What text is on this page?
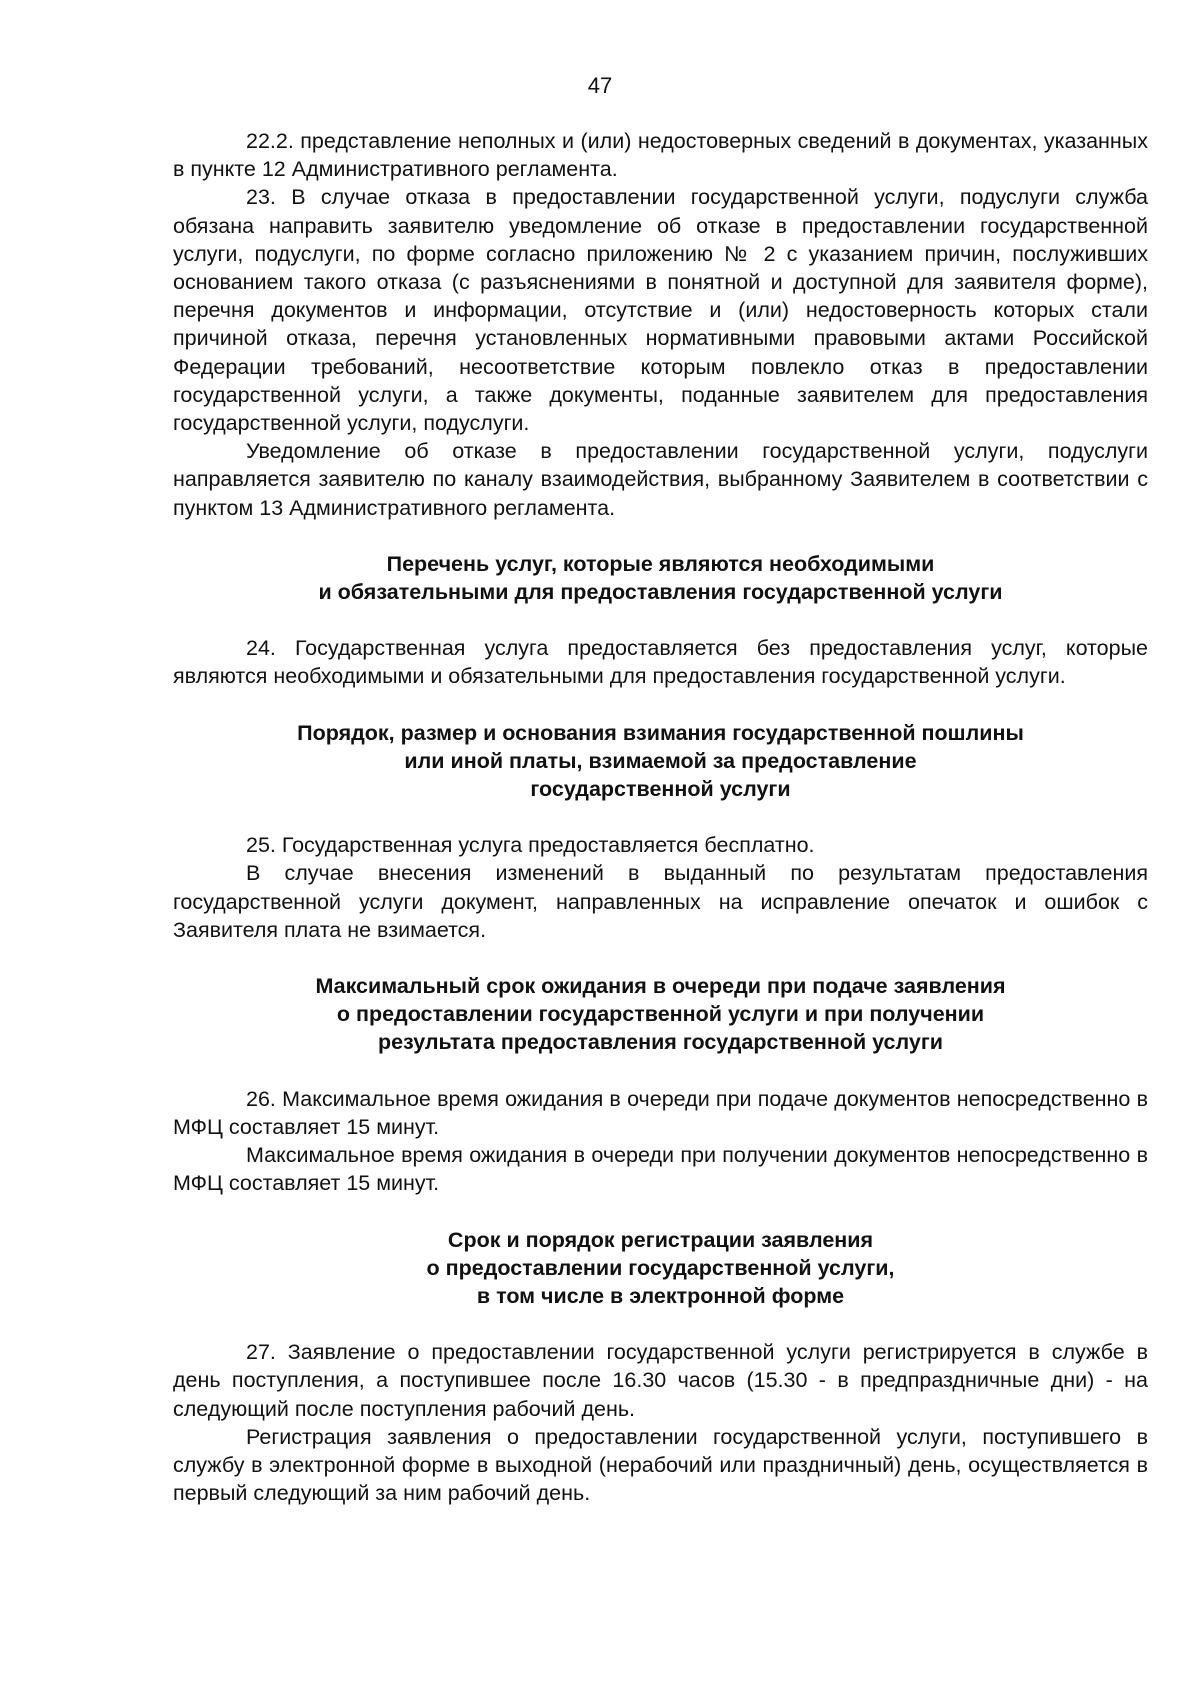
47

22.2. представление неполных и (или) недостоверных сведений в документах, указанных в пункте 12 Административного регламента.

23. В случае отказа в предоставлении государственной услуги, подуслуги служба обязана направить заявителю уведомление об отказе в предоставлении государственной услуги, подуслуги, по форме согласно приложению № 2 с указанием причин, послуживших основанием такого отказа (с разъяснениями в понятной и доступной для заявителя форме), перечня документов и информации, отсутствие и (или) недостоверность которых стали причиной отказа, перечня установленных нормативными правовыми актами Российской Федерации требований, несоответствие которым повлекло отказ в предоставлении государственной услуги, а также документы, поданные заявителем для предоставления государственной услуги, подуслуги.

Уведомление об отказе в предоставлении государственной услуги, подуслуги направляется заявителю по каналу взаимодействия, выбранному Заявителем в соответствии с пунктом 13 Административного регламента.

Перечень услуг, которые являются необходимыми
и обязательными для предоставления государственной услуги

24. Государственная услуга предоставляется без предоставления услуг, которые являются необходимыми и обязательными для предоставления государственной услуги.

Порядок, размер и основания взимания государственной пошлины
или иной платы, взимаемой за предоставление
государственной услуги

25. Государственная услуга предоставляется бесплатно.

В случае внесения изменений в выданный по результатам предоставления государственной услуги документ, направленных на исправление опечаток и ошибок с Заявителя плата не взимается.

Максимальный срок ожидания в очереди при подаче заявления
о предоставлении государственной услуги и при получении
результата предоставления государственной услуги

26. Максимальное время ожидания в очереди при подаче документов непосредственно в МФЦ составляет 15 минут.

Максимальное время ожидания в очереди при получении документов непосредственно в МФЦ составляет 15 минут.

Срок и порядок регистрации заявления
о предоставлении государственной услуги,
в том числе в электронной форме

27. Заявление о предоставлении государственной услуги регистрируется в службе в день поступления, а поступившее после 16.30 часов (15.30 - в предпраздничные дни) - на следующий после поступления рабочий день.

Регистрация заявления о предоставлении государственной услуги, поступившего в службу в электронной форме в выходной (нерабочий или праздничный) день, осуществляется в первый следующий за ним рабочий день.
